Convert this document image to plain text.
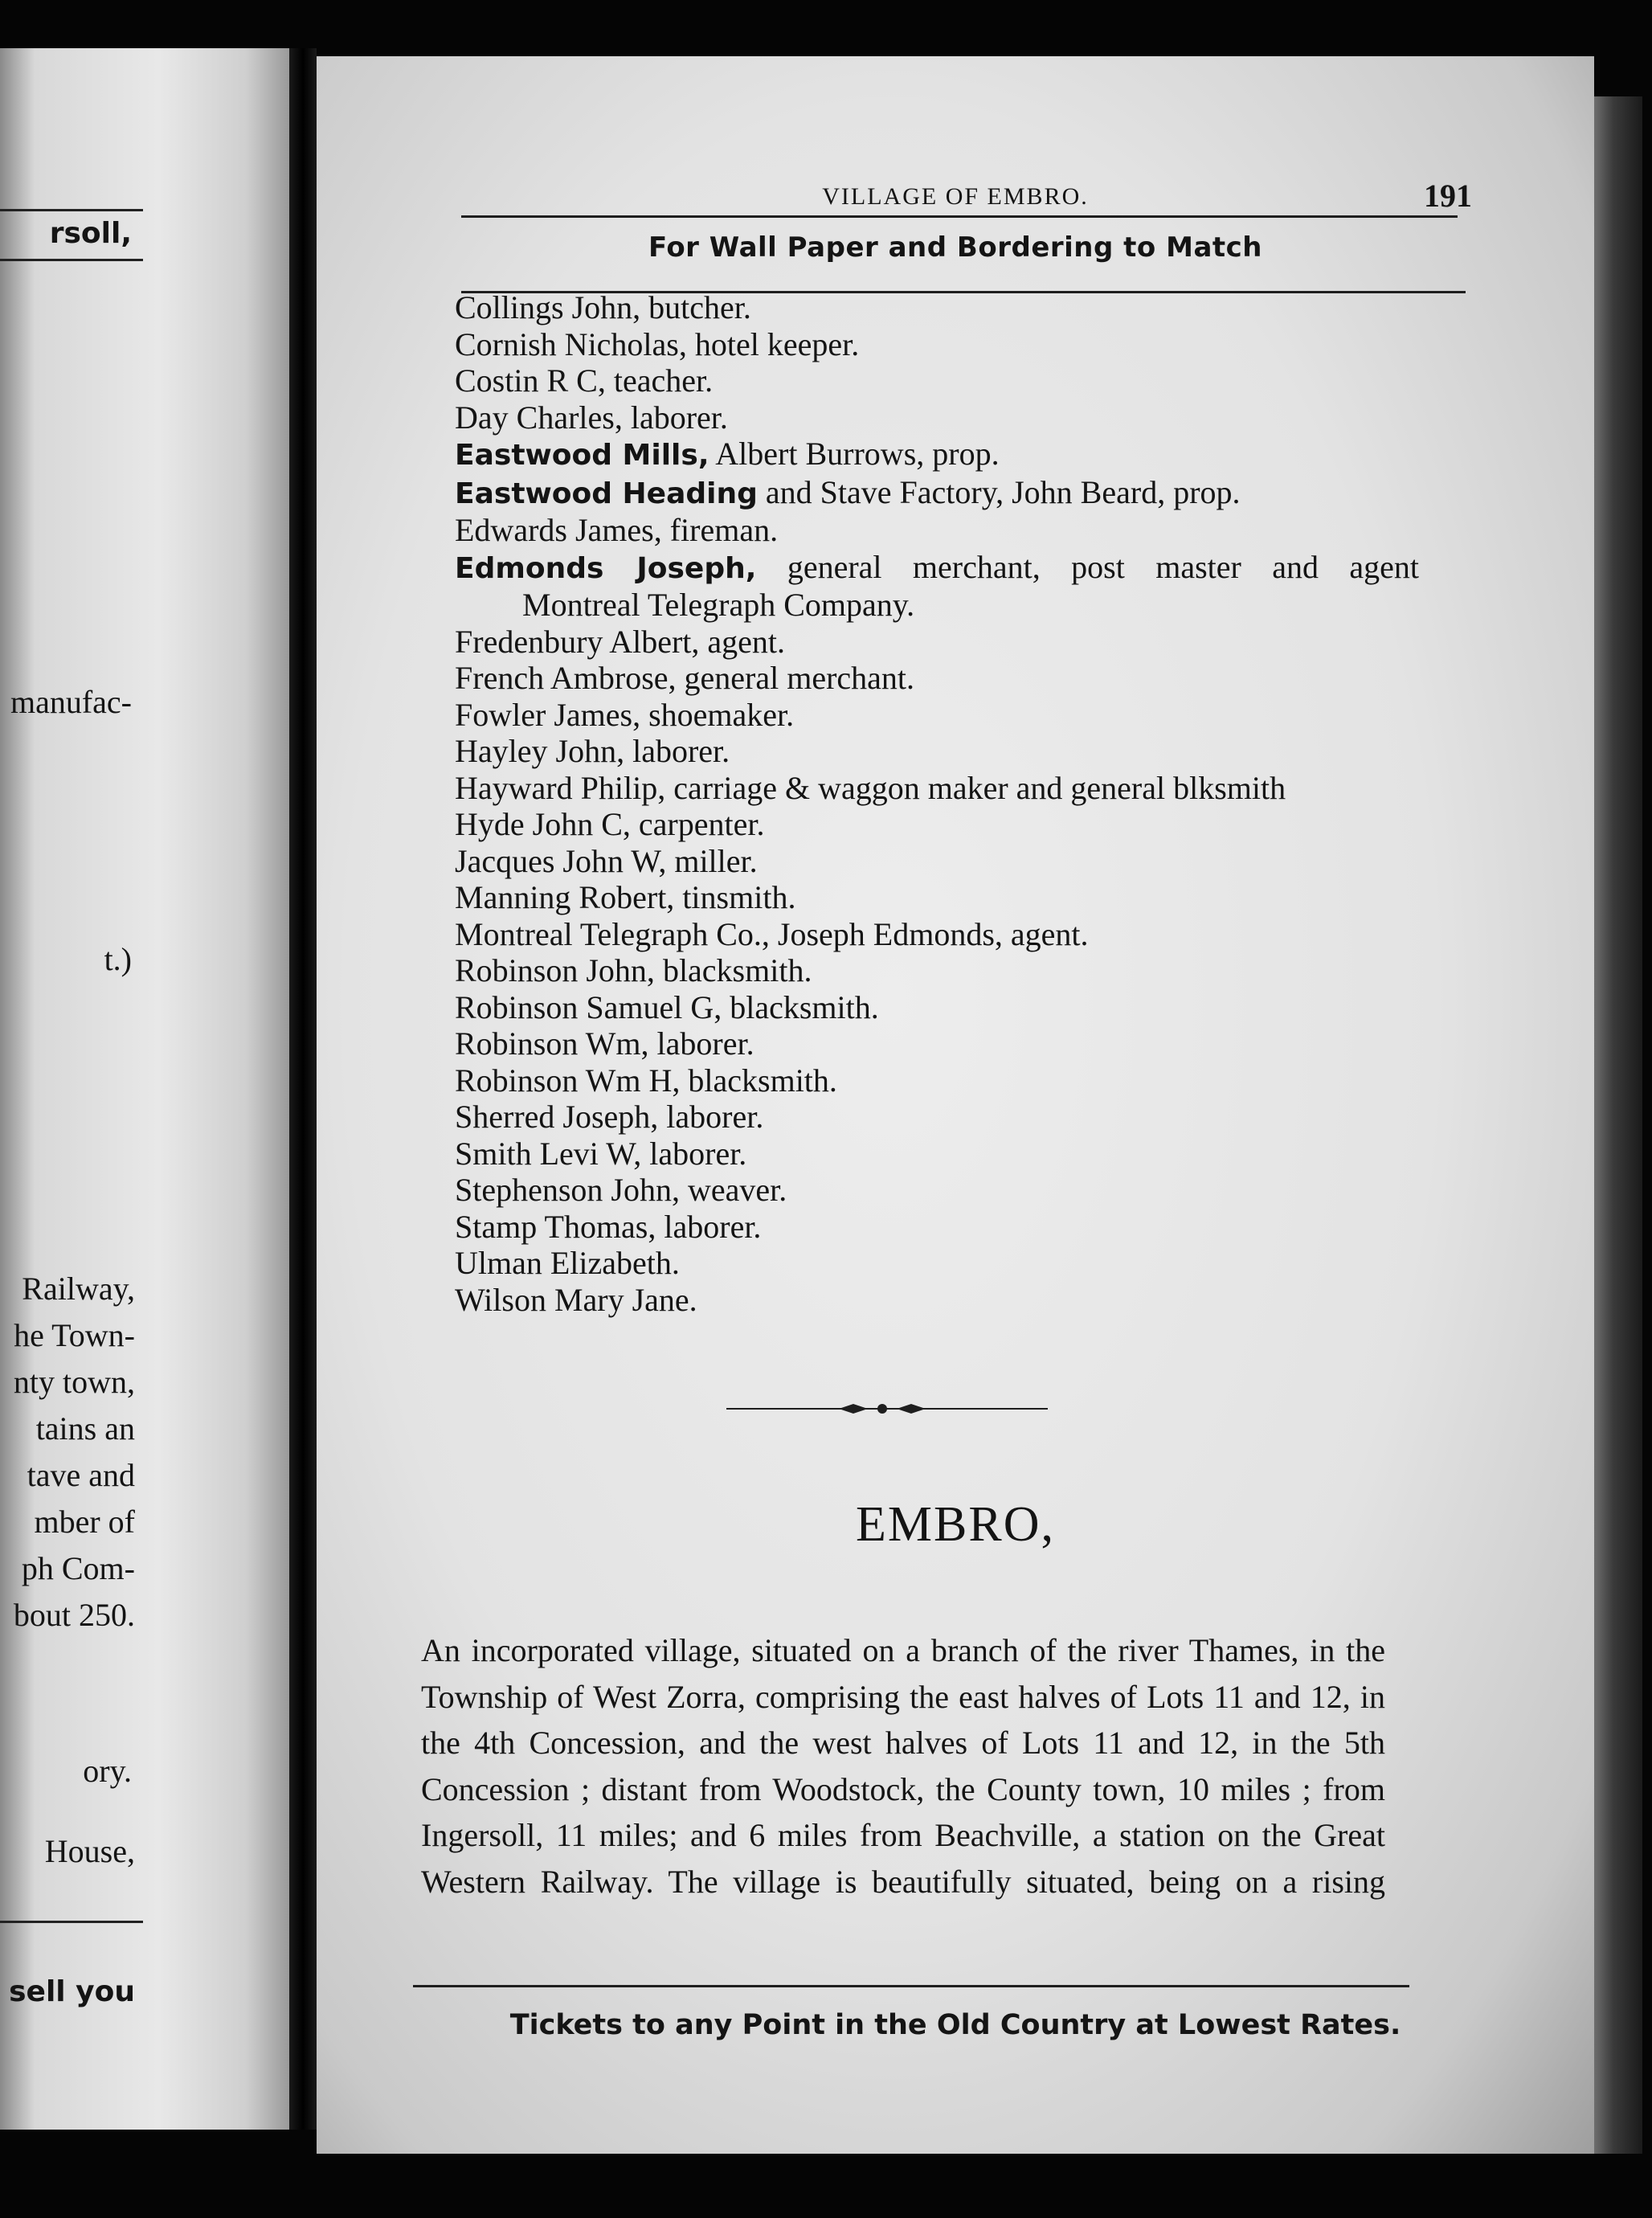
rsoll,
manufac-
t.)
Railway,
he Town-
nty town,
tains an
tave and
mber of
ph Com-
bout 250.
ory.
House,
sell you
VILLAGE OF EMBRO.	191
For Wall Paper and Bordering to Match
Collings John, butcher.
Cornish Nicholas, hotel keeper.
Costin R C, teacher.
Day Charles, laborer.
Eastwood Mills, Albert Burrows, prop.
Eastwood Heading and Stave Factory, John Beard, prop.
Edwards James, fireman.
Edmonds Joseph, general merchant, post master and agent
Montreal Telegraph Company.
Fredenbury Albert, agent.
French Ambrose, general merchant.
Fowler James, shoemaker.
Hayley John, laborer.
Hayward Philip, carriage & waggon maker and general blksmith
Hyde John C, carpenter.
Jacques John W, miller.
Manning Robert, tinsmith.
Montreal Telegraph Co., Joseph Edmonds, agent.
Robinson John, blacksmith.
Robinson Samuel G, blacksmith.
Robinson Wm, laborer.
Robinson Wm H, blacksmith.
Sherred Joseph, laborer.
Smith Levi W, laborer.
Stephenson John, weaver.
Stamp Thomas, laborer.
Ulman Elizabeth.
Wilson Mary Jane.
EMBRO,

An incorporated village, situated on a branch of the river Thames, in the Township of West Zorra, comprising the east halves of Lots 11 and 12, in the 4th Concession, and the west halves of Lots 11 and 12, in the 5th Concession ; distant from Woodstock, the County town, 10 miles ; from Ingersoll, 11 miles; and 6 miles from Beachville, a station on the Great Western Railway. The village is beautifully situated, being on a rising

Tickets to any Point in the Old Country at Lowest Rates.
